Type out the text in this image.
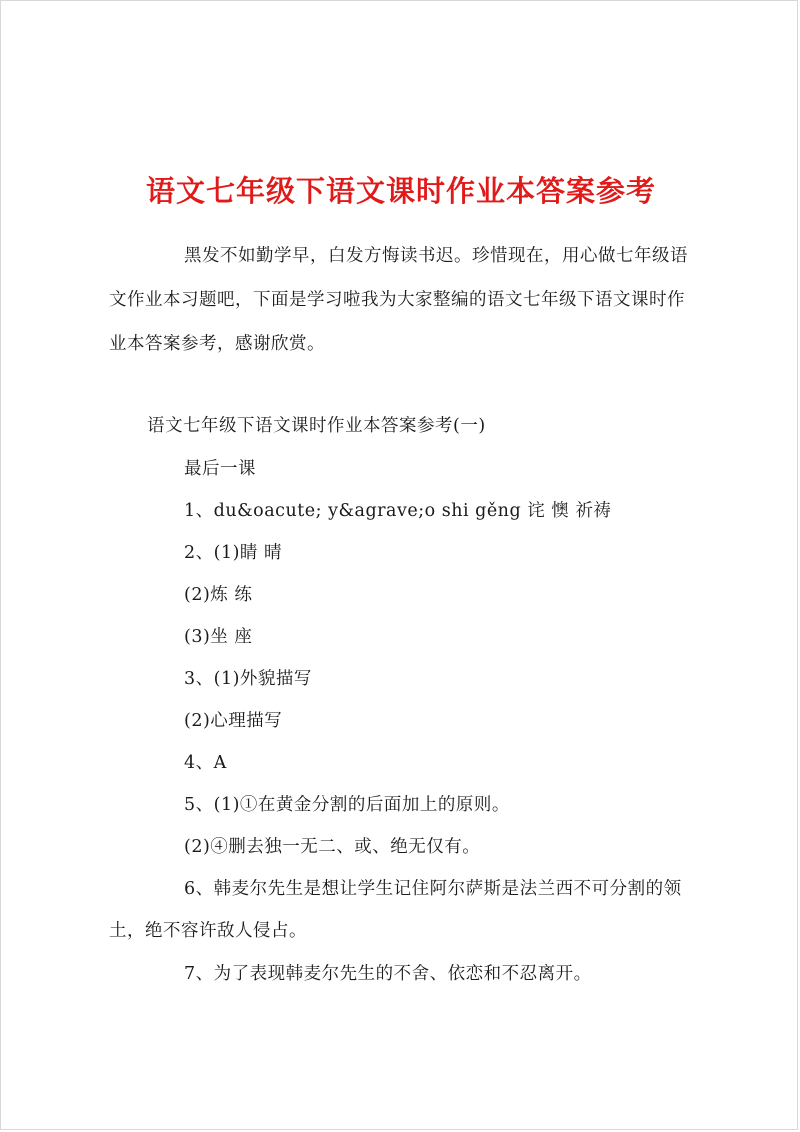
语文七年级下语文课时作业本答案参考
黑发不如勤学早，白发方悔读书迟。珍惜现在，用心做七年级语
文作业本习题吧，下面是学习啦我为大家整编的语文七年级下语文课时作
业本答案参考，感谢欣赏。
语文七年级下语文课时作业本答案参考(一)
最后一课
1、du&oacute; y&agrave;o shi gěng 诧 懊 祈祷
2、(1)睛 晴
(2)炼 练
(3)坐 座
3、(1)外貌描写
(2)心理描写
4、A
5、(1)①在黄金分割的后面加上的原则。
(2)④删去独一无二、或、绝无仅有。
6、韩麦尔先生是想让学生记住阿尔萨斯是法兰西不可分割的领
土，绝不容许敌人侵占。
7、为了表现韩麦尔先生的不舍、依恋和不忍离开。
